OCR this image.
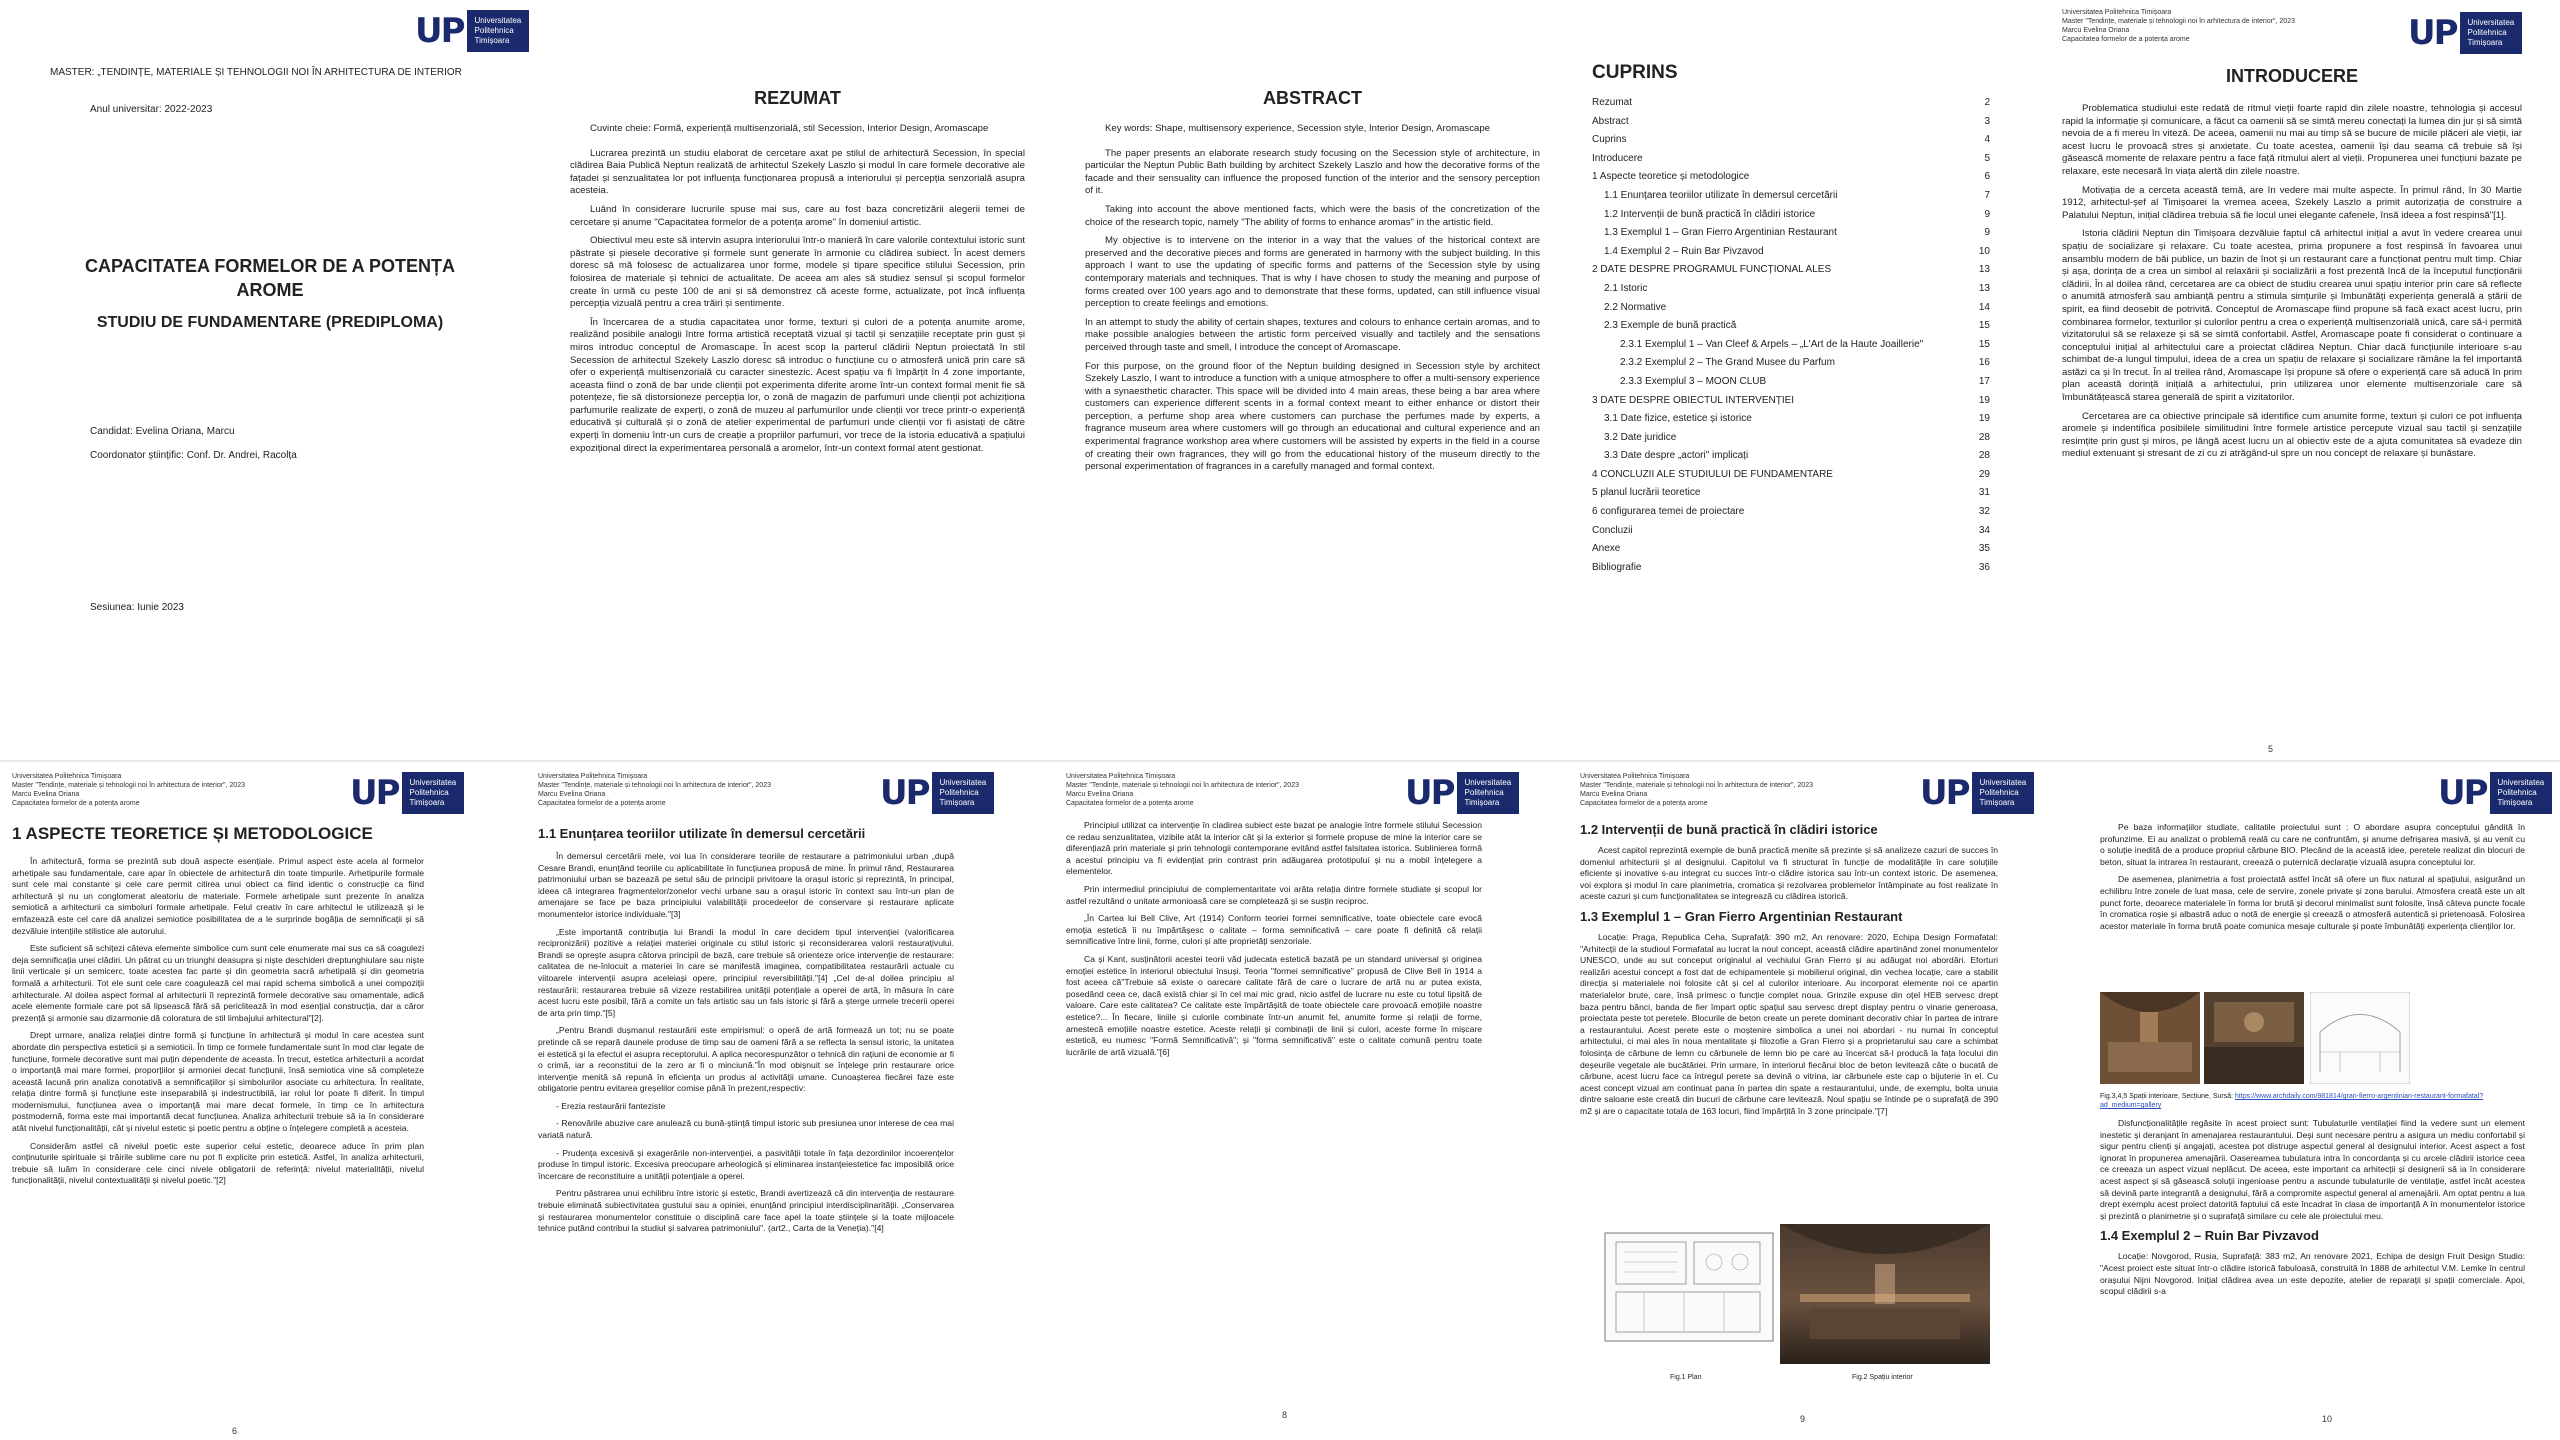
UP Universitatea
Politehnica
Timișoara
MASTER: „TENDINȚE, MATERIALE ȘI TEHNOLOGII NOI ÎN ARHITECTURA DE INTERIOR
Anul universitar: 2022-2023
CAPACITATEA FORMELOR DE A POTENȚA AROME
STUDIU DE FUNDAMENTARE (PREDIPLOMA)
Candidat: Evelina Oriana, Marcu
Coordonator științific: Conf. Dr. Andrei, Racolța
Sesiunea: Iunie 2023
REZUMAT

Cuvinte cheie: Formă, experiență multisenzorială, stil Secession, Interior Design, Aromascape

Lucrarea prezintă un studiu elaborat de cercetare axat pe stilul de arhitectură Secession, în special clădirea Baia Publică Neptun realizată de arhitectul Szekely Laszlo și modul în care formele decorative ale fațadei și senzualitatea lor pot influența funcționarea propusă a interiorului și percepția senzorială asupra acesteia.

Luând în considerare lucrurile spuse mai sus, care au fost baza concretizării alegerii temei de cercetare și anume "Capacitatea formelor de a potența arome" în domeniul artistic.

Obiectivul meu este să intervin asupra interiorului într-o manieră în care valorile contextului istoric sunt păstrate și piesele decorative și formele sunt generate în armonie cu clădirea subiect. În acest demers doresc să mă folosesc de actualizarea unor forme, modele și tipare specifice stilului Secession, prin folosirea de materiale și tehnici de actualitate. De aceea am ales să studiez sensul și scopul formelor create în urmă cu peste 100 de ani și să demonstrez că aceste forme, actualizate, pot încă influența percepția vizuală pentru a crea trăiri și sentimente.

În încercarea de a studia capacitatea unor forme, texturi și culori de a potența anumite arome, realizând posibile analogii între forma artistică receptată vizual și tactil și senzațiile receptate prin gust și miros introduc conceptul de Aromascape. În acest scop la parterul clădirii Neptun proiectată în stil Secession de arhitectul Szekely Laszlo doresc să introduc o funcțiune cu o atmosferă unică prin care să ofer o experiență multisenzorială cu caracter sinestezic. Acest spațiu va fi împărțit în 4 zone importante, aceasta fiind o zonă de bar unde clienții pot experimenta diferite arome într-un context formal menit fie să potențeze, fie să distorsioneze percepția lor, o zonă de magazin de parfumuri unde clienții pot achiziționa parfumurile realizate de experți, o zonă de muzeu al parfumurilor unde clienții vor trece printr-o experiență educativă și culturală și o zonă de atelier experimental de parfumuri unde clienții vor fi asistați de către experți în domeniu într-un curs de creație a propriilor parfumuri, vor trece de la istoria educativă a spațiului expozițional direct la experimentarea personală a aromelor, într-un context formal atent gestionat.

ABSTRACT

Key words: Shape, multisensory experience, Secession style, Interior Design, Aromascape

The paper presents an elaborate research study focusing on the Secession style of architecture, in particular the Neptun Public Bath building by architect Szekely Laszlo and how the decorative forms of the facade and their sensuality can influence the proposed function of the interior and the sensory perception of it.

Taking into account the above mentioned facts, which were the basis of the concretization of the choice of the research topic, namely "The ability of forms to enhance aromas" in the artistic field.

My objective is to intervene on the interior in a way that the values of the historical context are preserved and the decorative pieces and forms are generated in harmony with the subject building. In this approach I want to use the updating of specific forms and patterns of the Secession style by using contemporary materials and techniques. That is why I have chosen to study the meaning and purpose of forms created over 100 years ago and to demonstrate that these forms, updated, can still influence visual perception to create feelings and emotions.

In an attempt to study the ability of certain shapes, textures and colours to enhance certain aromas, and to make possible analogies between the artistic form perceived visually and tactilely and the sensations perceived through taste and smell, I introduce the concept of Aromascape.

For this purpose, on the ground floor of the Neptun building designed in Secession style by architect Szekely Laszlo, I want to introduce a function with a unique atmosphere to offer a multi-sensory experience with a synaesthetic character. This space will be divided into 4 main areas, these being a bar area where customers can experience different scents in a formal context meant to either enhance or distort their perception, a perfume shop area where customers can purchase the perfumes made by experts, a fragrance museum area where customers will go through an educational and cultural experience and an experimental fragrance workshop area where customers will be assisted by experts in the field in a course of creating their own fragrances, they will go from the educational history of the museum directly to the personal experimentation of fragrances in a carefully managed and formal context.

CUPRINS
Rezumat	2
Abstract	3
Cuprins	4
Introducere	5
1 Aspecte teoretice și metodologice	6
1.1 Enunțarea teoriilor utilizate în demersul cercetării	7
1.2 Intervenții de bună practică în clădiri istorice	9
1.3 Exemplul 1 – Gran Fierro Argentinian Restaurant	9
1.4 Exemplul 2 – Ruin Bar Pivzavod	10
2 DATE DESPRE PROGRAMUL FUNCȚIONAL ALES	13
2.1 Istoric	13
2.2 Normative	14
2.3 Exemple de bună practică	15
2.3.1 Exemplul 1 – Van Cleef & Arpels – „L'Art de la Haute Joaillerie"	15
2.3.2 Exemplul 2 – The Grand Musee du Parfum	16
2.3.3 Exemplul 3 – MOON CLUB	17
3 DATE DESPRE OBIECTUL INTERVENȚIEI	19
3.1 Date fizice, estetice și istorice	19
3.2 Date juridice	28
3.3 Date despre „actori" implicați	28
4 CONCLUZII ALE STUDIULUI DE FUNDAMENTARE	29
5 planul lucrării teoretice	31
6 configurarea temei de proiectare	32
Concluzii	34
Anexe	35
Bibliografie	36
Universitatea Politehnica Timișoara
Master "Tendințe, materiale și tehnologii noi în arhitectura de interior", 2023
Marcu Evelina Oriana
Capacitatea formelor de a potența arome	UP Universitatea
Politehnica
Timișoara
INTRODUCERE

Problematica studiului este redată de ritmul vieții foarte rapid din zilele noastre, tehnologia și accesul rapid la informație și comunicare, a făcut ca oamenii să se simtă mereu conectați la lumea din jur și să simtă nevoia de a fi mereu în viteză. De aceea, oamenii nu mai au timp să se bucure de micile plăceri ale vieții, iar acest lucru le provoacă stres și anxietate. Cu toate acestea, oamenii își dau seama că trebuie să își găsească momente de relaxare pentru a face față ritmului alert al vieții. Propunerea unei funcțiuni bazate pe relaxare, este necesară în viața alertă din zilele noastre.

Motivația de a cerceta această temă, are în vedere mai multe aspecte. În primul rând, în 30 Martie 1912, arhitectul-șef al Timișoarei la vremea aceea, Szekely Laszlo a primit autorizația de construire a Palatului Neptun, inițial clădirea trebuia să fie locul unei elegante cafenele, însă ideea a fost respinsă"[1].

Istoria clădirii Neptun din Timișoara dezvăluie faptul că arhitectul inițial a avut în vedere crearea unui spațiu de socializare și relaxare. Cu toate acestea, prima propunere a fost respinsă în favoarea unui ansamblu modern de băi publice, un bazin de înot și un restaurant care a funcționat pentru mult timp. Chiar și așa, dorința de a crea un simbol al relaxării și socializării a fost prezentă încă de la începutul funcționării clădirii. În al doilea rând, cercetarea are ca obiect de studiu crearea unui spațiu interior prin care să reflecte o anumită atmosferă sau ambianță pentru a stimula simțurile și îmbunătăți experiența generală a ștării de spirit, ea fiind deosebit de potrivită. Conceptul de Aromascape fiind propune să facă exact acest lucru, prin combinarea formelor, texturilor și culorilor pentru a crea o experiență multisenzorială unică, care să-i permită vizitatorului să se relaxeze și să se simtă confortabil. Astfel, Aromascape poate fi considerat o continuare a conceptului inițial al arhitectului care a proiectat clădirea Neptun. Chiar dacă funcțiunile interioare s-au schimbat de-a lungul timpului, ideea de a crea un spațiu de relaxare și socializare rămâne la fel importantă astăzi ca și în trecut. În al treilea rând, Aromascape își propune să ofere o experiență care să aducă în prim plan această dorință inițială a arhitectului, prin utilizarea unor elemente multisenzoriale care să îmbunătățească starea generală de spirit a vizitatorilor.

Cercetarea are ca obiective principale să identifice cum anumite forme, texturi și culori ce pot influența aromele și indentifica posibilele similitudini între formele artistice percepute vizual sau tactil și senzațiile resimțite prin gust și miros, pe lângă acest lucru un al obiectiv este de a ajuta comunitatea să evadeze din mediul extenuant și stresant de zi cu zi atrăgând-ul spre un nou concept de relaxare și bunăstare.

5
Universitatea Politehnica Timișoara
Master "Tendințe, materiale și tehnologii noi în arhitectura de interior", 2023
Marcu Evelina Oriana
Capacitatea formelor de a potența arome	UP Universitatea
Politehnica
Timișoara
1 ASPECTE TEORETICE ȘI METODOLOGICE

În arhitectură, forma se prezintă sub două aspecte esențiale. Primul aspect este acela al formelor arhetipale sau fundamentale, care apar în obiectele de arhitectură din toate timpurile. Arhetipurile formale sunt cele mai constante și cele care permit citirea unui obiect ca fiind identic o construcție ca fiind arhitectură și nu un conglomerat aleatoriu de materiale. Formele arhetipale sunt prezente în analiza semiotică a arhitecturii ca simboluri formale arhetipale. Felul creativ în care arhitectul le utilizează și le emfazează este cel care dă analizei semiotice posibilitatea de a le surprinde bogăția de semnificații și să dezvăluie intențiile stilistice ale autorului.

Este suficient să schițezi câteva elemente simbolice cum sunt cele enumerate mai sus ca să coagulezi deja semnificația unei clădiri. Un pătrat cu un triunghi deasupra și niște deschideri dreptunghiulare sau niște linii verticale și un semicerc, toate acestea fac parte și din geometria sacră arhetipală și din geometria formală a arhitecturii. Tot ele sunt cele care coagulează cel mai rapid schema simbolică a unei compoziții arhitecturale. Al doilea aspect formal al arhitecturii îl reprezintă formele decorative sau ornamentale, adică acele elemente formale care pot să lipsească fără să periclitează în mod esențial construcția, dar a căror prezență și armonie sau dizarmonie dă coloratura de stil limbajului arhitectural"[2].

Drept urmare, analiza relației dintre formă și funcțiune în arhitectură și modul în care acestea sunt abordate din perspectiva esteticii și a semioticii. În timp ce formele fundamentale sunt în mod clar legate de funcțiune, formele decorative sunt mai puțin dependente de aceasta. În trecut, estetica arhitecturii a acordat o importanță mai mare formei, proporțiilor și armoniei decat funcțiunii, însă semiotica vine să completeze această lacună prin analiza conotativă a semnificațiilor și simbolurilor asociate cu arhitectura. În realitate, relația dintre formă și funcțiune este inseparabilă și indestructibilă, iar rolul lor poate fi diferit. În timpul modernismului, funcțiunea avea o importanță mai mare decat formele, în timp ce în arhitectura postmodernă, forma este mai importantă decat funcțiunea. Analiza arhitecturii trebuie să ia în considerare atât nivelul funcționalității, cât și nivelul estetic și poetic pentru a obține o înțelegere completă a acesteia.

Considerăm astfel că nivelul poetic este superior celui estetic, deoarece aduce în prim plan conținuturile spirituale și trăirile sublime care nu pot fi explicite prin estetică. Astfel, în analiza arhitecturii, trebuie să luăm în considerare cele cinci nivele obligatorii de referință: nivelul materialității, nivelul funcționalității, nivelul contextualității și nivelul poetic."[2]

6
Universitatea Politehnica Timișoara
Master "Tendințe, materiale și tehnologii noi în arhitectura de interior", 2023
Marcu Evelina Oriana
Capacitatea formelor de a potența arome	UP Universitatea
Politehnica
Timișoara
1.1 Enunțarea teoriilor utilizate în demersul cercetării

În demersul cercetării mele, voi lua în considerare teoriile de restaurare a patrimoniului urban „după Cesare Brandi, enunțând teoriile cu aplicabilitate în funcțiunea propusă de mine. În primul rând, Restaurarea patrimoniului urban se bazează pe setul său de principii privitoare la orașul istoric și reprezintă, în principal, ideea că integrarea fragmentelor/zonelor vechi urbane sau a orașul istoric în context sau într-un plan de amenajare se face pe baza principiului valabilității procedeelor de conservare și restaurare aplicate monumentelor istorice individuale."[3]

„Este importantă contribuția lui Brandi la modul în care decidem tipul intervenției (valorificarea recipronizării) pozitive a relației materiei originale cu stilul istoric și reconsiderarea valorii restaurațivului. Brandi se oprește asupra câtorva principii de bază, care trebuie să orienteze orice intervenție de restaurare: calitatea de ne-înlocuit a materiei în care se manifestă imaginea, compatibilitatea restaurării actuale cu viitoarele intervenții asupra aceleiași opere, principiul reversibilității."[4] „Cel de-al doilea principiu al restaurării: restaurarea trebuie să vizeze restabilirea unității potențiale a operei de artă, în măsura în care acest lucru este posibil, fără a comite un fals artistic sau un fals istoric și fără a șterge urmele trecerii operei de arta prin timp."[5]

„Pentru Brandi dușmanul restaurării este empirismul: o operă de artă formează un tot; nu se poate pretinde că se repară daunele produse de timp sau de oameni fără a se reflecta la sensul istoric, la unitatea ei estetică și la efectul ei asupra receptorului. A aplica necorespunzător o tehnică din rațiuni de economie ar fi o crimă, iar a reconstitui de la zero ar fi o minciună."În mod obișnuit se înțelege prin restaurare orice intervenție menită să repună în eficiența un produs al activității umane. Cunoașterea fiecărei faze este obligatorie pentru evitarea greșelilor comise până în prezent,respectiv:

- Erezia restaurării fanteziste

- Renovările abuzive care anulează cu bună-știință timpul istoric sub presiunea unor interese de cea mai variată natură.

- Prudența excesivă și exagerările non-intervenției, a pasivității totale în fața dezordinilor incoerențelor produse în timpul istoric. Excesiva preocupare arheologică și eliminarea instanțeiestetice fac imposibilă orice încercare de reconstituire a unității potențiale a operei.

Pentru păstrarea unui echilibru între istoric și estetic, Brandi avertizează că din intervenția de restaurare trebuie eliminată subiectivitatea gustului sau a opiniei, enunțând principiul interdisciplinarității. „Conservarea și restaurarea monumentelor constituie o disciplină care face apel la toate științele și la toate mijloacele tehnice putând contribui la studiul și salvarea patrimoniului". (art2., Carta de la Veneția)."[4]

Universitatea Politehnica Timișoara
Master "Tendințe, materiale și tehnologii noi în arhitectura de interior", 2023
Marcu Evelina Oriana
Capacitatea formelor de a potența arome	UP Universitatea
Politehnica
Timișoara

Principiul utilizat ca intervenție în cladirea subiect este bazat pe analogie între formele stilului Secession ce redau senzualitatea, vizibile atât la interior cât și la exterior și formele propuse de mine la interior care se diferențiază prin materiale și prin tehnologii contemporane evitând astfel falsitatea istorica. Sublinierea formă a acestui principiu va fi evidențiat prin contrast prin adăugarea prototipuluí și nu a mobil înțelegere a elementelor.

Prin intermediul principiului de complementaritate voi arăta relația dintre formele studiate și scopul lor astfel rezultând o unitate armonioasă care se completează și se susțin reciproc.

„În Cartea lui Bell Clive, Art (1914) Conform teoriei formei semnificative, toate obiectele care evocă emoția estetică îi nu împărtășesc o calitate – forma semnificativă – care poate fi definită că relații semnificative între linii, forme, culori și alte proprietăți senzoriale.

Ca și Kant, susținătorii acestei teorii văd judecata estetică bazată pe un standard universal și originea emoției estetice în interiorul obiectului însuși. Teoria "formei semnificative" propusă de Clive Bell în 1914 a fost aceea că"Trebuie să existe o oarecare calitate fără de care o lucrare de artă nu ar putea exista, posedând ceea ce, dacă există chiar și în cel mai mic grad, nicio astfel de lucrare nu este cu totul lipsită de valoare. Care este calitatea? Ce calitate este împărtășită de toate obiectele care provoacă emoțiile noastre estetice?... În fiecare, liniile și culorile combinate într-un anumit fel, anumite forme și relații de forme, amestecă emoțiile noastre estetice. Aceste relații și combinații de linii și culori, aceste forme în mișcare estetică, eu numesc "Formă Semnificativă"; și "forma semnificativă" este o calitate comună pentru toate lucrările de artă vizuală."[6]

8
Universitatea Politehnica Timișoara
Master "Tendințe, materiale și tehnologii noi în arhitectura de interior", 2023
Marcu Evelina Oriana
Capacitatea formelor de a potența arome	UP Universitatea
Politehnica
Timișoara
1.2 Intervenții de bună practică în clădiri istorice

Acest capitol reprezintă exemple de bună practică menite să prezinte și să analizeze cazuri de succes în domeniul arhitecturii și al designului. Capitolul va fi structurat în funcție de modalitățile în care soluțiile eficiente și inovative s-au integrat cu succes într-o clădire istorica sau într-un context istoric. De asemenea, voi explora și modul în care planimetria, cromatica și rezolvarea problemelor întâmpinate au fost realizate în aceste cazuri și cum funcționalitatea se integrează cu clădirea istorică.

1.3 Exemplul 1 – Gran Fierro Argentinian Restaurant

Locație: Praga, Republica Ceha, Suprafață: 390 m2, An renovare: 2020, Echipa Design Formafatal: "Arhitecții de la studioul Formafatal au lucrat la noul concept, această clădire apartinând zonei monumentelor UNESCO, unde au sut conceput originalul al vechiului Gran Fierro și au adăugat noi abordări. Eforturi realizări acestui concept a fost dat de echipamentele și mobilierul original, din vechea locație, care a stabilit direcția și materialele noi folosite cât și cel al culorilor interioare. Au incorporat elemente noi ce apartin materialelor brute, care, însă primesc o funcție complet noua. Grinzile expuse din oțel HEB servesc drept baza pentru bănci, banda de fier împart optic spațiul sau servesc drept display pentru o vinarie generoasa, proiectata peste tot peretele. Blocurile de beton create un perete dominant decorativ chiar în partea de intrare a restaurantului. Acest perete este o moștenire simbolica a unei noi abordari - nu numai în conceptul arhitectului, ci mai ales în noua mentalitate și filozofie a Gran Fierro și a proprietarului sau care a schimbat folosința de cărbune de lemn cu cărbunele de lemn bio pe care au încercat să-l producă la fața locului din deșeurile vegetale ale bucătăriei. Prin urmare, în interiorul fiecărui bloc de beton levitează câte o bucată de cărbune, acest lucru face ca întregul perete sa devină o vitrina, iar cărbunele este cap o bijuterie în el. Cu acest concept vizual am continuat pana în partea din spate a restaurantului, unde, de exemplu, bolta unuia dintre saloane este creată din bucuri de cărbune care levitează. Noul spațiu se întinde pe o suprafață de 390 m2 și are o capacitate totala de 163 locuri, fiind împărțită în 3 zone principale."[7]

Fig.1 Plan	Fig.2 Spațiu interior
9
UP Universitatea
Politehnica
Timișoara

Pe baza informațiilor studiate, calitatile proiectului sunt : O abordare asupra conceptului gândită în profunzime. Ei au analizat o problemă reală cu care ne confruntăm, și anume defrișarea masivă, și au venit cu o soluție inedită de a produce propriul cărbune BIO. Plecând de la această idee, peretele realizat din blocuri de beton, situat la intrarea în restaurant, creează o puternică declarație vizuală asupra conceptului lor.

De asemenea, planimetria a fost proiectată astfel încât să ofere un flux natural al spațiului, asigurând un echilibru între zonele de luat masa, cele de servire, zonele private și zona barului. Atmosfera creată este un alt punct forte, deoarece materialele în forma lor brută și decorul minimalist sunt folosite, însă câteva puncte focale în cromatica roșie și albastră aduc o notă de energie și creează o atmosferă autentică și prietenoasă. Folosirea acestor materiale în forma brută poate comunica mesaje culturale și poate îmbunătăți experiența clienților lor.

Fig.3,4,5 Spații interioare, Secțiune, Sursă: https://www.archdaily.com/981814/gran-fierro-argentinian-restaurant-formafatal?ad_medium=gallery

Disfuncționalitățile regăsite în acest proiect sunt: Tubulaturile ventilației fiind la vedere sunt un element inestetic și deranjant în amenajarea restaurantului. Deși sunt necesare pentru a asigura un mediu confortabil și sigur pentru clienți și angajați, acestea pot distruge aspectul general al designului interior. Acest aspect a fost ignorat în propunerea amenajării. Oasereamea tubulatura intra în concordanța și cu arcele clădirii istorice ceea ce creeaza un aspect vizual neplăcut. De aceea, este important ca arhitecții și designerii să ia în considerare acest aspect și să găsească soluții ingenioase pentru a ascunde tubulaturile de ventilație, astfel încât acestea să devină parte integrantă a designului, fără a compromite aspectul general al amenajării. Am optat pentru a lua drept exemplu acest proiect datorită faptului că este încadrat în clasa de importanță A în monumentelor istorice și prezintă o planimetrie și o suprafață similare cu cele ale proiectului meu.

1.4 Exemplul 2 – Ruin Bar Pivzavod

Locație: Novgorod, Rusia, Suprafață: 383 m2, An renovare 2021, Echipa de design Fruit Design Studio: "Acest proiect este situat într-o clădire istorică fabuloasă, construită în 1888 de arhitectul V.M. Lemke în centrul orașului Nijni Novgorod. Inițial clădirea avea un este depozite, atelier de reparații și spații comerciale. Apoi, scopul clădirii s-a

10
